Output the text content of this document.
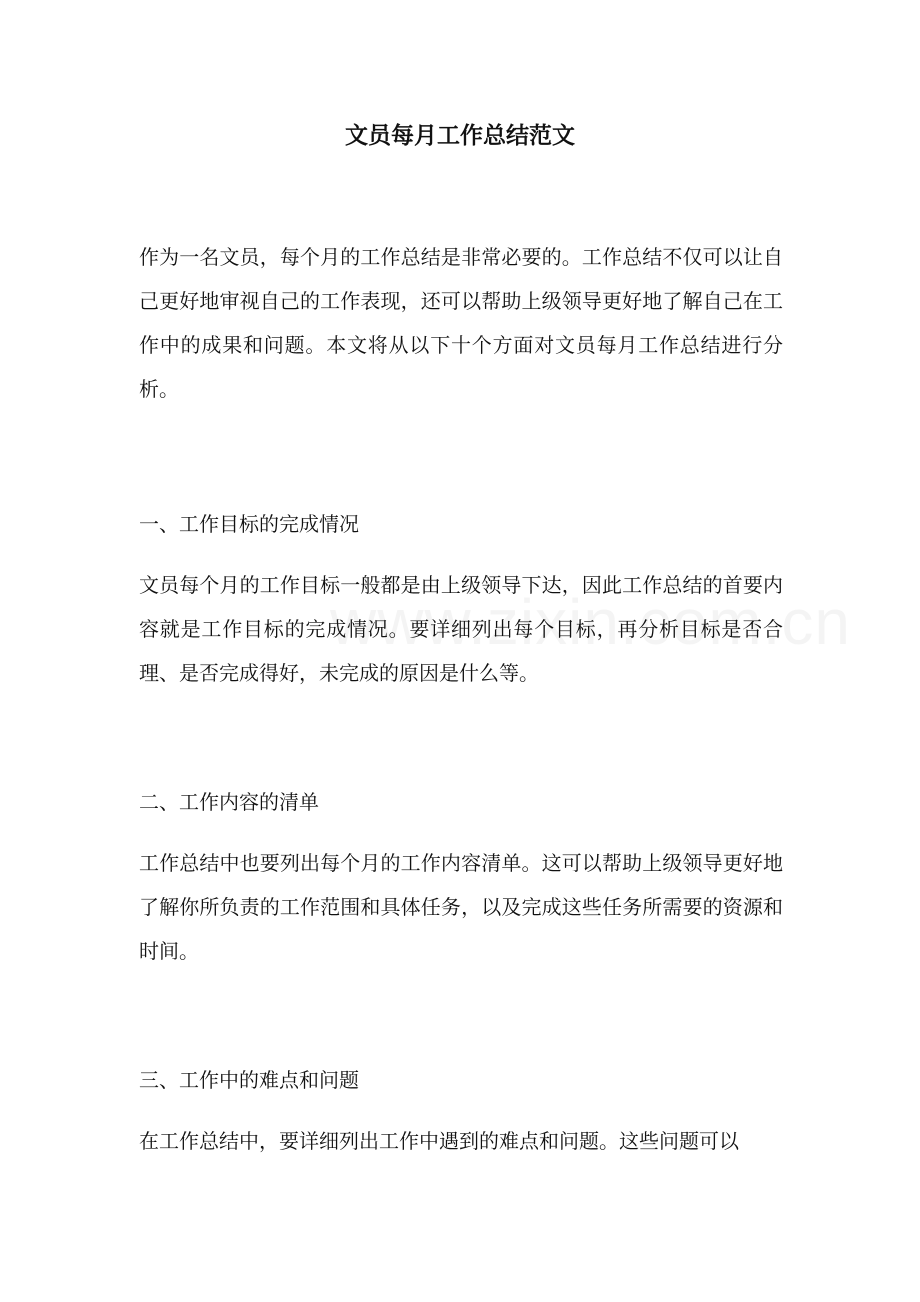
文员每月工作总结范文

作为一名文员，每个月的工作总结是非常必要的。工作总结不仅可以让自己更好地审视自己的工作表现，还可以帮助上级领导更好地了解自己在工作中的成果和问题。本文将从以下十个方面对文员每月工作总结进行分析。

一、工作目标的完成情况

文员每个月的工作目标一般都是由上级领导下达，因此工作总结的首要内容就是工作目标的完成情况。要详细列出每个目标，再分析目标是否合理、是否完成得好，未完成的原因是什么等。

二、工作内容的清单

工作总结中也要列出每个月的工作内容清单。这可以帮助上级领导更好地了解你所负责的工作范围和具体任务，以及完成这些任务所需要的资源和时间。

三、工作中的难点和问题

在工作总结中，要详细列出工作中遇到的难点和问题。这些问题可以
